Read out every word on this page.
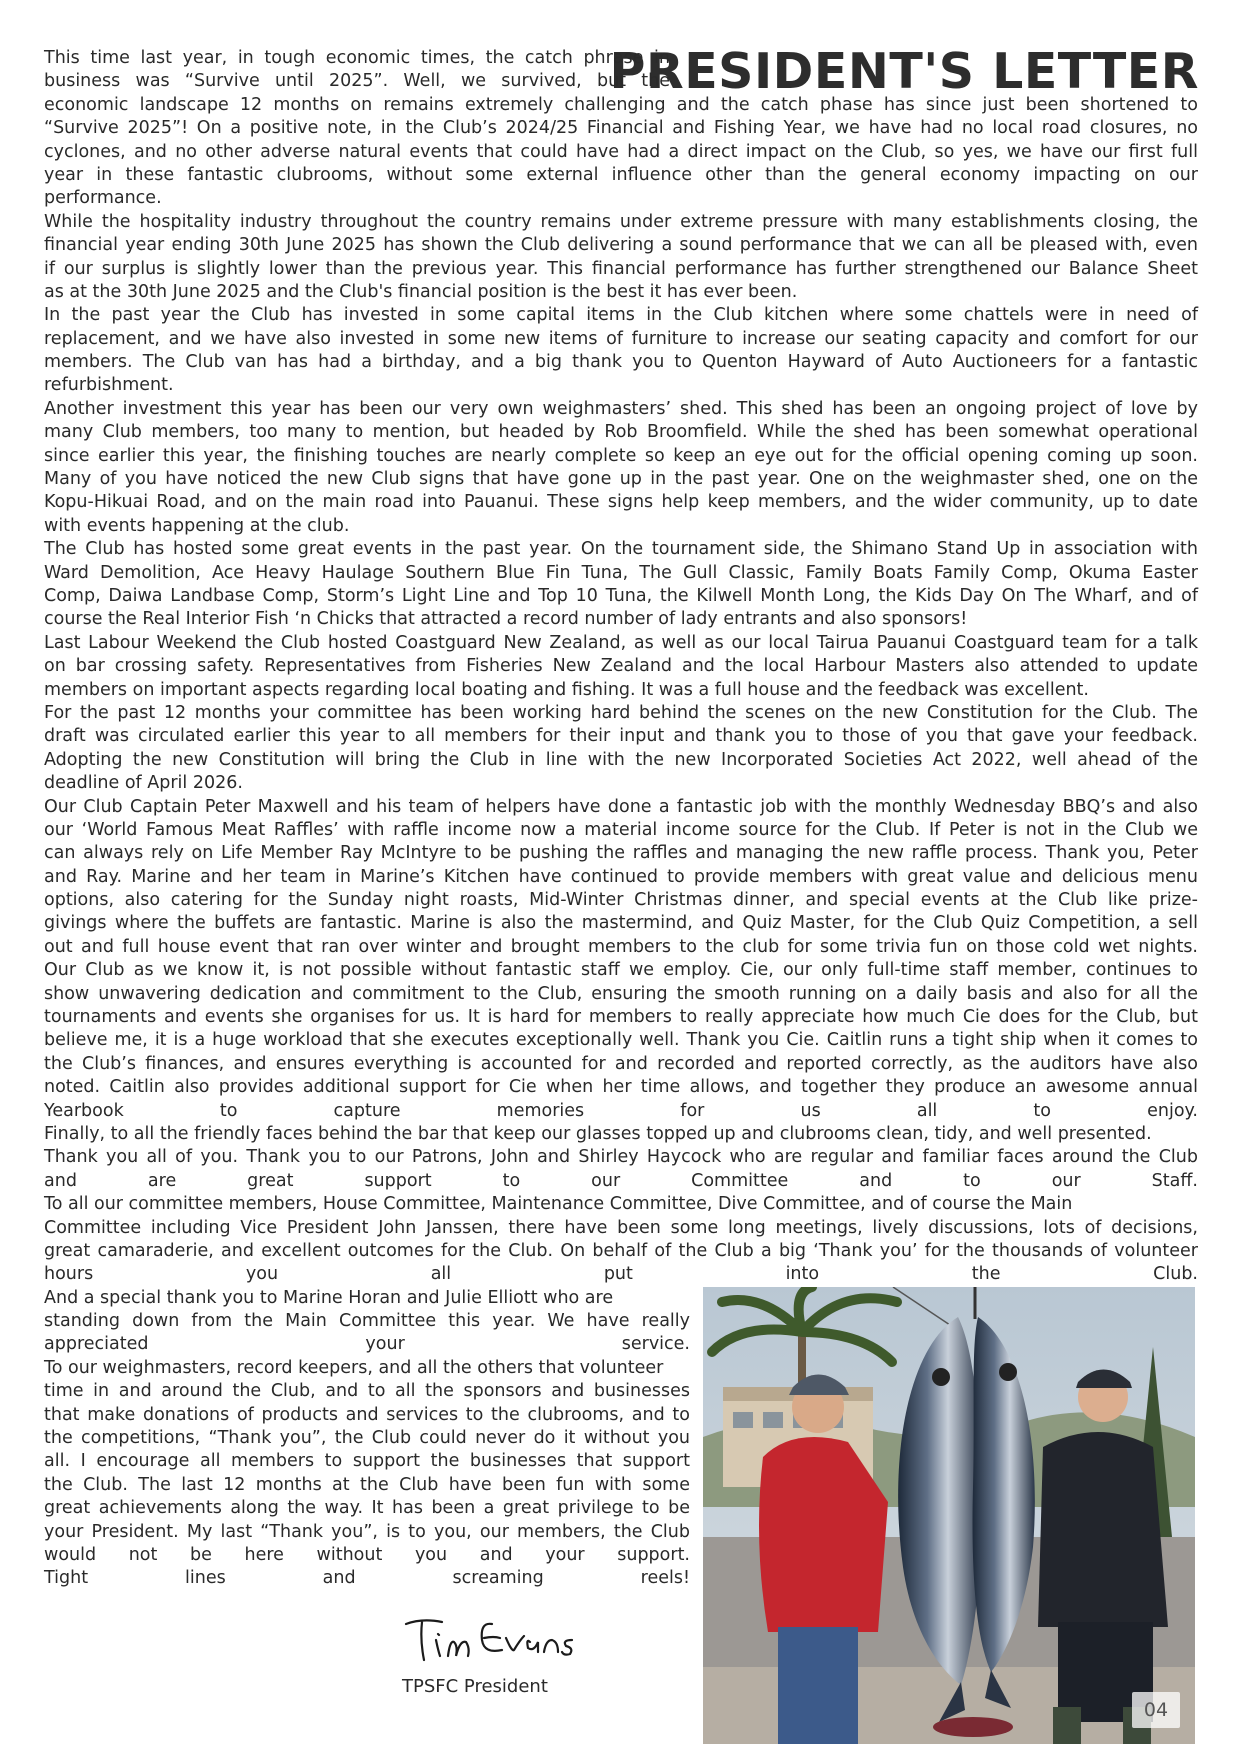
PRESIDENT'S LETTER
This time last year, in tough economic times, the catch phrase in
business was “Survive until 2025”. Well, we survived, but the
economic landscape 12 months on remains extremely challenging and the catch phase has since just been shortened to
“Survive 2025”! On a positive note, in the Club’s 2024/25 Financial and Fishing Year, we have had no local road closures, no
cyclones, and no other adverse natural events that could have had a direct impact on the Club, so yes, we have our first full
year in these fantastic clubrooms, without some external influence other than the general economy impacting on our
performance.
While the hospitality industry throughout the country remains under extreme pressure with many establishments closing, the
financial year ending 30th June 2025 has shown the Club delivering a sound performance that we can all be pleased with, even
if our surplus is slightly lower than the previous year. This financial performance has further strengthened our Balance Sheet
as at the 30th June 2025 and the Club's financial position is the best it has ever been.
In the past year the Club has invested in some capital items in the Club kitchen where some chattels were in need of
replacement, and we have also invested in some new items of furniture to increase our seating capacity and comfort for our
members. The Club van has had a birthday, and a big thank you to Quenton Hayward of Auto Auctioneers for a fantastic
refurbishment.
Another investment this year has been our very own weighmasters’ shed. This shed has been an ongoing project of love by
many Club members, too many to mention, but headed by Rob Broomfield. While the shed has been somewhat operational
since earlier this year, the finishing touches are nearly complete so keep an eye out for the official opening coming up soon.
Many of you have noticed the new Club signs that have gone up in the past year. One on the weighmaster shed, one on the
Kopu-Hikuai Road, and on the main road into Pauanui. These signs help keep members, and the wider community, up to date
with events happening at the club.
The Club has hosted some great events in the past year. On the tournament side, the Shimano Stand Up in association with
Ward Demolition, Ace Heavy Haulage Southern Blue Fin Tuna, The Gull Classic, Family Boats Family Comp, Okuma Easter
Comp, Daiwa Landbase Comp, Storm’s Light Line and Top 10 Tuna, the Kilwell Month Long, the Kids Day On The Wharf, and of
course the Real Interior Fish ‘n Chicks that attracted a record number of lady entrants and also sponsors!
Last Labour Weekend the Club hosted Coastguard New Zealand, as well as our local Tairua Pauanui Coastguard team for a talk
on bar crossing safety. Representatives from Fisheries New Zealand and the local Harbour Masters also attended to update
members on important aspects regarding local boating and fishing. It was a full house and the feedback was excellent.
For the past 12 months your committee has been working hard behind the scenes on the new Constitution for the Club. The
draft was circulated earlier this year to all members for their input and thank you to those of you that gave your feedback.
Adopting the new Constitution will bring the Club in line with the new Incorporated Societies Act 2022, well ahead of the
deadline of April 2026.
Our Club Captain Peter Maxwell and his team of helpers have done a fantastic job with the monthly Wednesday BBQ’s and also
our ‘World Famous Meat Raffles’ with raffle income now a material income source for the Club. If Peter is not in the Club we
can always rely on Life Member Ray McIntyre to be pushing the raffles and managing the new raffle process. Thank you, Peter
and Ray. Marine and her team in Marine’s Kitchen have continued to provide members with great value and delicious menu
options, also catering for the Sunday night roasts, Mid-Winter Christmas dinner, and special events at the Club like prize-
givings where the buffets are fantastic. Marine is also the mastermind, and Quiz Master, for the Club Quiz Competition, a sell
out and full house event that ran over winter and brought members to the club for some trivia fun on those cold wet nights.
Our Club as we know it, is not possible without fantastic staff we employ. Cie, our only full-time staff member, continues to
show unwavering dedication and commitment to the Club, ensuring the smooth running on a daily basis and also for all the
tournaments and events she organises for us. It is hard for members to really appreciate how much Cie does for the Club, but
believe me, it is a huge workload that she executes exceptionally well. Thank you Cie. Caitlin runs a tight ship when it comes to
the Club’s finances, and ensures everything is accounted for and recorded and reported correctly, as the auditors have also
noted. Caitlin also provides additional support for Cie when her time allows, and together they produce an awesome annual
Yearbook to capture memories for us all to enjoy.
Finally, to all the friendly faces behind the bar that keep our glasses topped up and clubrooms clean, tidy, and well presented.
Thank you all of you. Thank you to our Patrons, John and Shirley Haycock who are regular and familiar faces around the Club
and are great support to our Committee and to our Staff.
To all our committee members, House Committee, Maintenance Committee, Dive Committee, and of course the Main
Committee including Vice President John Janssen, there have been some long meetings, lively discussions, lots of decisions,
great camaraderie, and excellent outcomes for the Club. On behalf of the Club a big ‘Thank you’ for the thousands of volunteer
hours you all put into the Club.
And a special thank you to Marine Horan and Julie Elliott who are
standing down from the Main Committee this year. We have really
appreciated your service.
To our weighmasters, record keepers, and all the others that volunteer
time in and around the Club, and to all the sponsors and businesses
that make donations of products and services to the clubrooms, and to
the competitions, “Thank you”, the Club could never do it without you
all. I encourage all members to support the businesses that support
the Club. The last 12 months at the Club have been fun with some
great achievements along the way. It has been a great privilege to be
your President. My last “Thank you”, is to you, our members, the Club
would not be here without you and your support.
Tight lines and screaming reels!
TPSFC President
04
